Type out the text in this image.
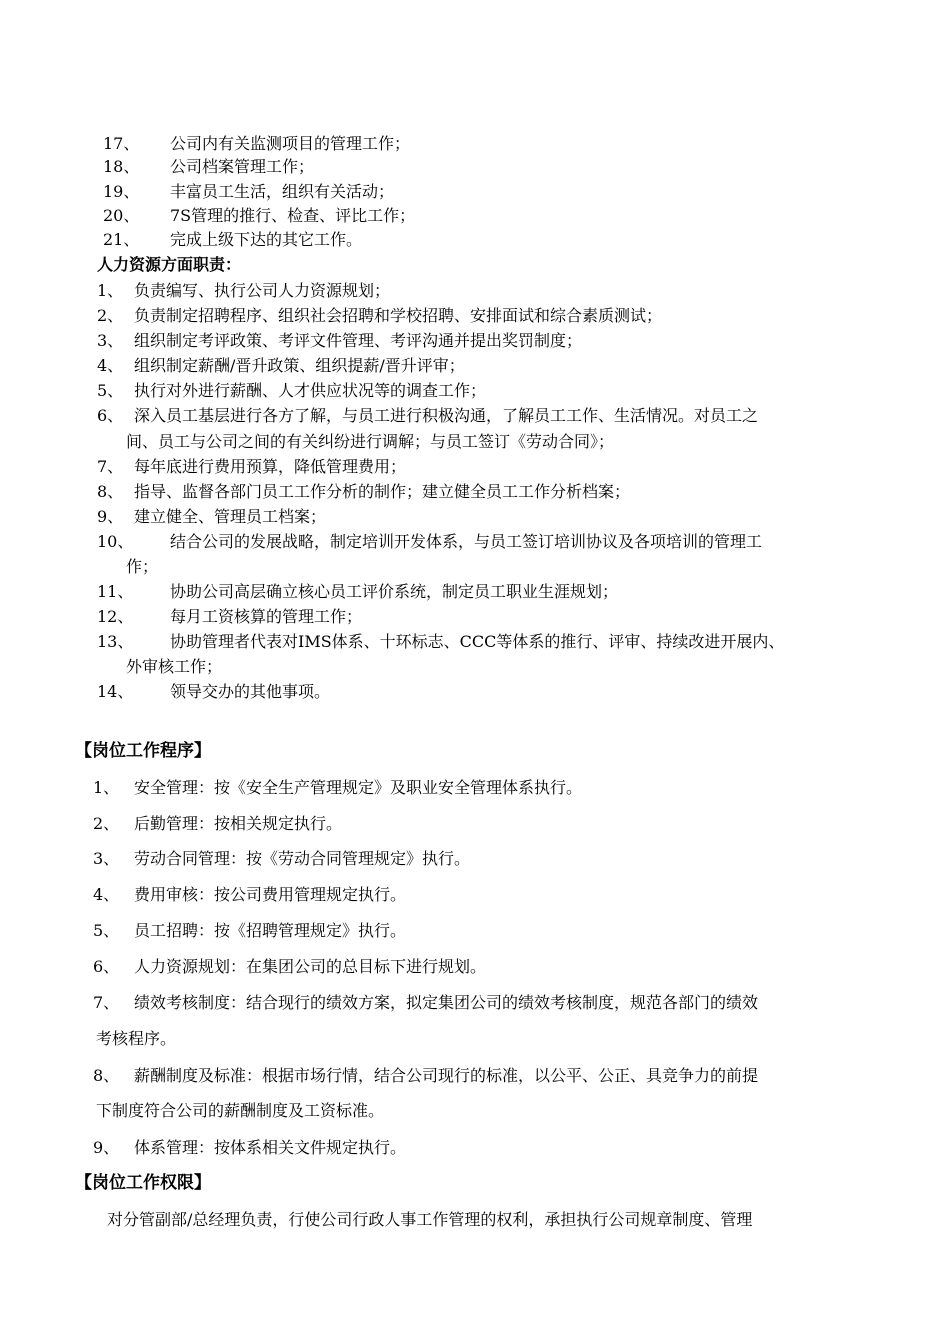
17、 公司内有关监测项目的管理工作；
18、 公司档案管理工作；
19、 丰富员工生活，组织有关活动；
20、 7S管理的推行、检查、评比工作；
21、 完成上级下达的其它工作。
人力资源方面职责：
1、 负责编写、执行公司人力资源规划；
2、 负责制定招聘程序、组织社会招聘和学校招聘、安排面试和综合素质测试；
3、 组织制定考评政策、考评文件管理、考评沟通并提出奖罚制度；
4、 组织制定薪酬/晋升政策、组织提薪/晋升评审；
5、 执行对外进行薪酬、人才供应状况等的调查工作；
6、 深入员工基层进行各方了解，与员工进行积极沟通，了解员工工作、生活情况。对员工之
间、员工与公司之间的有关纠纷进行调解；与员工签订《劳动合同》；
7、 每年底进行费用预算，降低管理费用；
8、 指导、监督各部门员工工作分析的制作；建立健全员工工作分析档案；
9、 建立健全、管理员工档案；
10、 结合公司的发展战略，制定培训开发体系，与员工签订培训协议及各项培训的管理工
作；
11、 协助公司高层确立核心员工评价系统，制定员工职业生涯规划；
12、 每月工资核算的管理工作；
13、 协助管理者代表对IMS体系、十环标志、CCC等体系的推行、评审、持续改进开展内、
外审核工作；
14、 领导交办的其他事项。
【岗位工作程序】
1、 安全管理：按《安全生产管理规定》及职业安全管理体系执行。
2、 后勤管理：按相关规定执行。
3、 劳动合同管理：按《劳动合同管理规定》执行。
4、 费用审核：按公司费用管理规定执行。
5、 员工招聘：按《招聘管理规定》执行。
6、 人力资源规划：在集团公司的总目标下进行规划。
7、 绩效考核制度：结合现行的绩效方案，拟定集团公司的绩效考核制度，规范各部门的绩效
考核程序。
8、 薪酬制度及标准：根据市场行情，结合公司现行的标准，以公平、公正、具竞争力的前提
下制度符合公司的薪酬制度及工资标准。
9、 体系管理：按体系相关文件规定执行。
【岗位工作权限】
对分管副部/总经理负责，行使公司行政人事工作管理的权利，承担执行公司规章制度、管理
